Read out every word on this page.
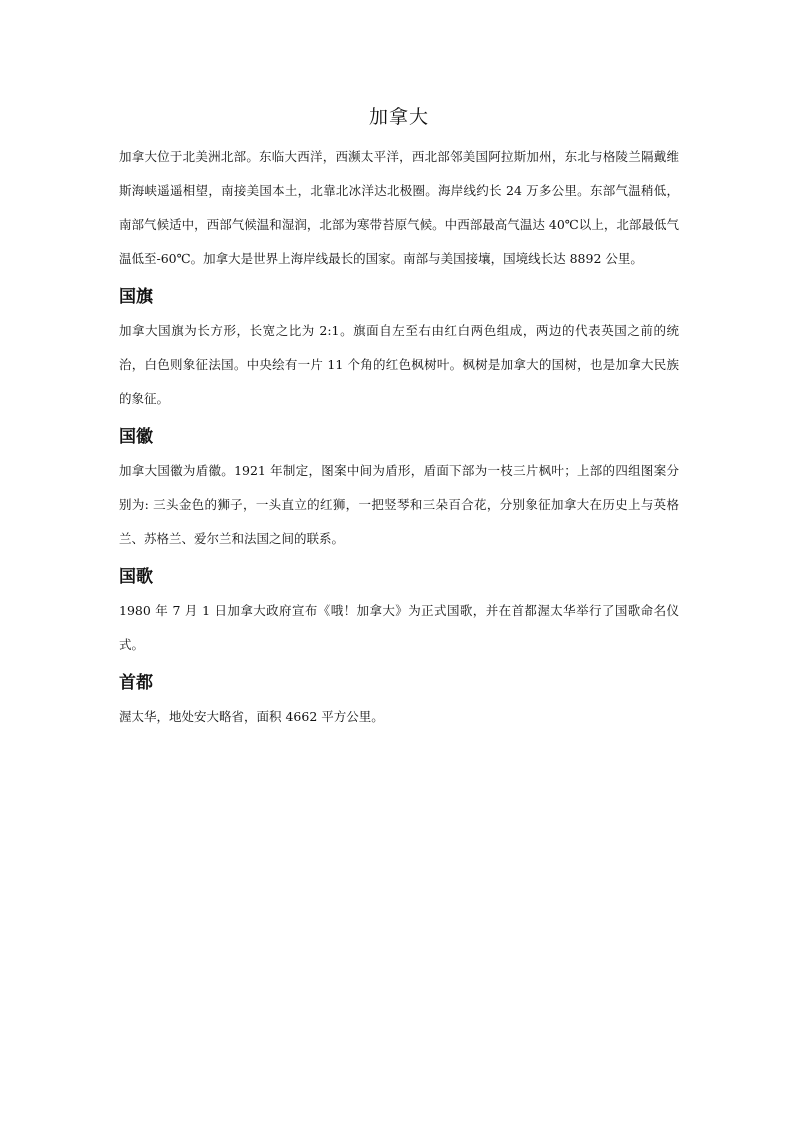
加拿大

加拿大位于北美洲北部。东临大西洋，西濒太平洋，西北部邻美国阿拉斯加州，东北与格陵兰隔戴维斯海峡遥遥相望，南接美国本土，北靠北冰洋达北极圈。海岸线约长 24 万多公里。东部气温稍低，南部气候适中，西部气候温和湿润，北部为寒带苔原气候。中西部最高气温达 40℃以上，北部最低气温低至-60℃。加拿大是世界上海岸线最长的国家。南部与美国接壤，国境线长达 8892 公里。

国旗

加拿大国旗为长方形，长宽之比为 2:1。旗面自左至右由红白两色组成，两边的代表英国之前的统治，白色则象征法国。中央绘有一片 11 个角的红色枫树叶。枫树是加拿大的国树，也是加拿大民族的象征。

国徽

加拿大国徽为盾徽。1921 年制定，图案中间为盾形，盾面下部为一枝三片枫叶；上部的四组图案分别为: 三头金色的狮子，一头直立的红狮，一把竖琴和三朵百合花，分别象征加拿大在历史上与英格兰、苏格兰、爱尔兰和法国之间的联系。

国歌

1980 年 7 月 1 日加拿大政府宣布《哦！加拿大》为正式国歌，并在首都渥太华举行了国歌命名仪式。

首都

渥太华，地处安大略省，面积 4662 平方公里。
